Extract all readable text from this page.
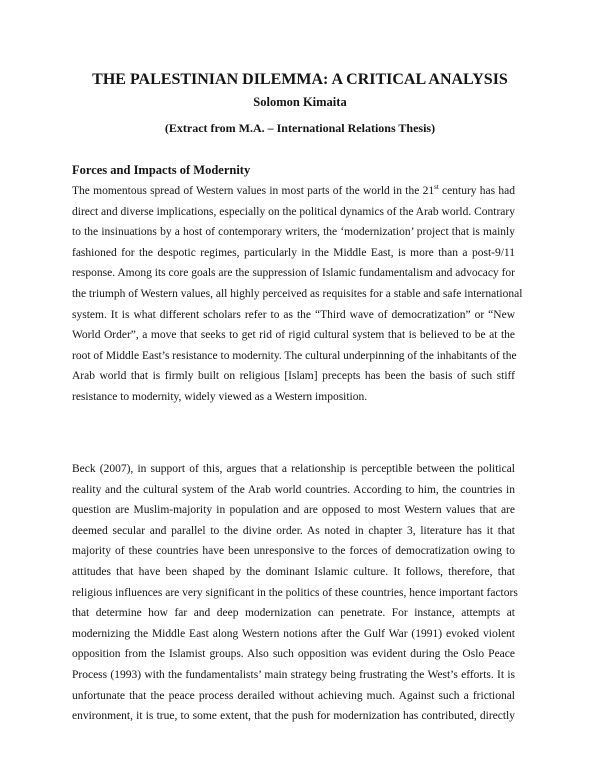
THE PALESTINIAN DILEMMA: A CRITICAL ANALYSIS
Solomon Kimaita
(Extract from M.A. – International Relations Thesis)
Forces and Impacts of Modernity
The momentous spread of Western values in most parts of the world in the 21st century has had
direct and diverse implications, especially on the political dynamics of the Arab world. Contrary
to the insinuations by a host of contemporary writers, the ‘modernization’ project that is mainly
fashioned for the despotic regimes, particularly in the Middle East, is more than a post-9/11
response. Among its core goals are the suppression of Islamic fundamentalism and advocacy for
the triumph of Western values, all highly perceived as requisites for a stable and safe international
system. It is what different scholars refer to as the “Third wave of democratization” or “New
World Order”, a move that seeks to get rid of rigid cultural system that is believed to be at the
root of Middle East’s resistance to modernity. The cultural underpinning of the inhabitants of the
Arab world that is firmly built on religious [Islam] precepts has been the basis of such stiff
resistance to modernity, widely viewed as a Western imposition.
Beck (2007), in support of this, argues that a relationship is perceptible between the political
reality and the cultural system of the Arab world countries. According to him, the countries in
question are Muslim-majority in population and are opposed to most Western values that are
deemed secular and parallel to the divine order. As noted in chapter 3, literature has it that
majority of these countries have been unresponsive to the forces of democratization owing to
attitudes that have been shaped by the dominant Islamic culture. It follows, therefore, that
religious influences are very significant in the politics of these countries, hence important factors
that determine how far and deep modernization can penetrate. For instance, attempts at
modernizing the Middle East along Western notions after the Gulf War (1991) evoked violent
opposition from the Islamist groups. Also such opposition was evident during the Oslo Peace
Process (1993) with the fundamentalists’ main strategy being frustrating the West’s efforts. It is
unfortunate that the peace process derailed without achieving much. Against such a frictional
environment, it is true, to some extent, that the push for modernization has contributed, directly
